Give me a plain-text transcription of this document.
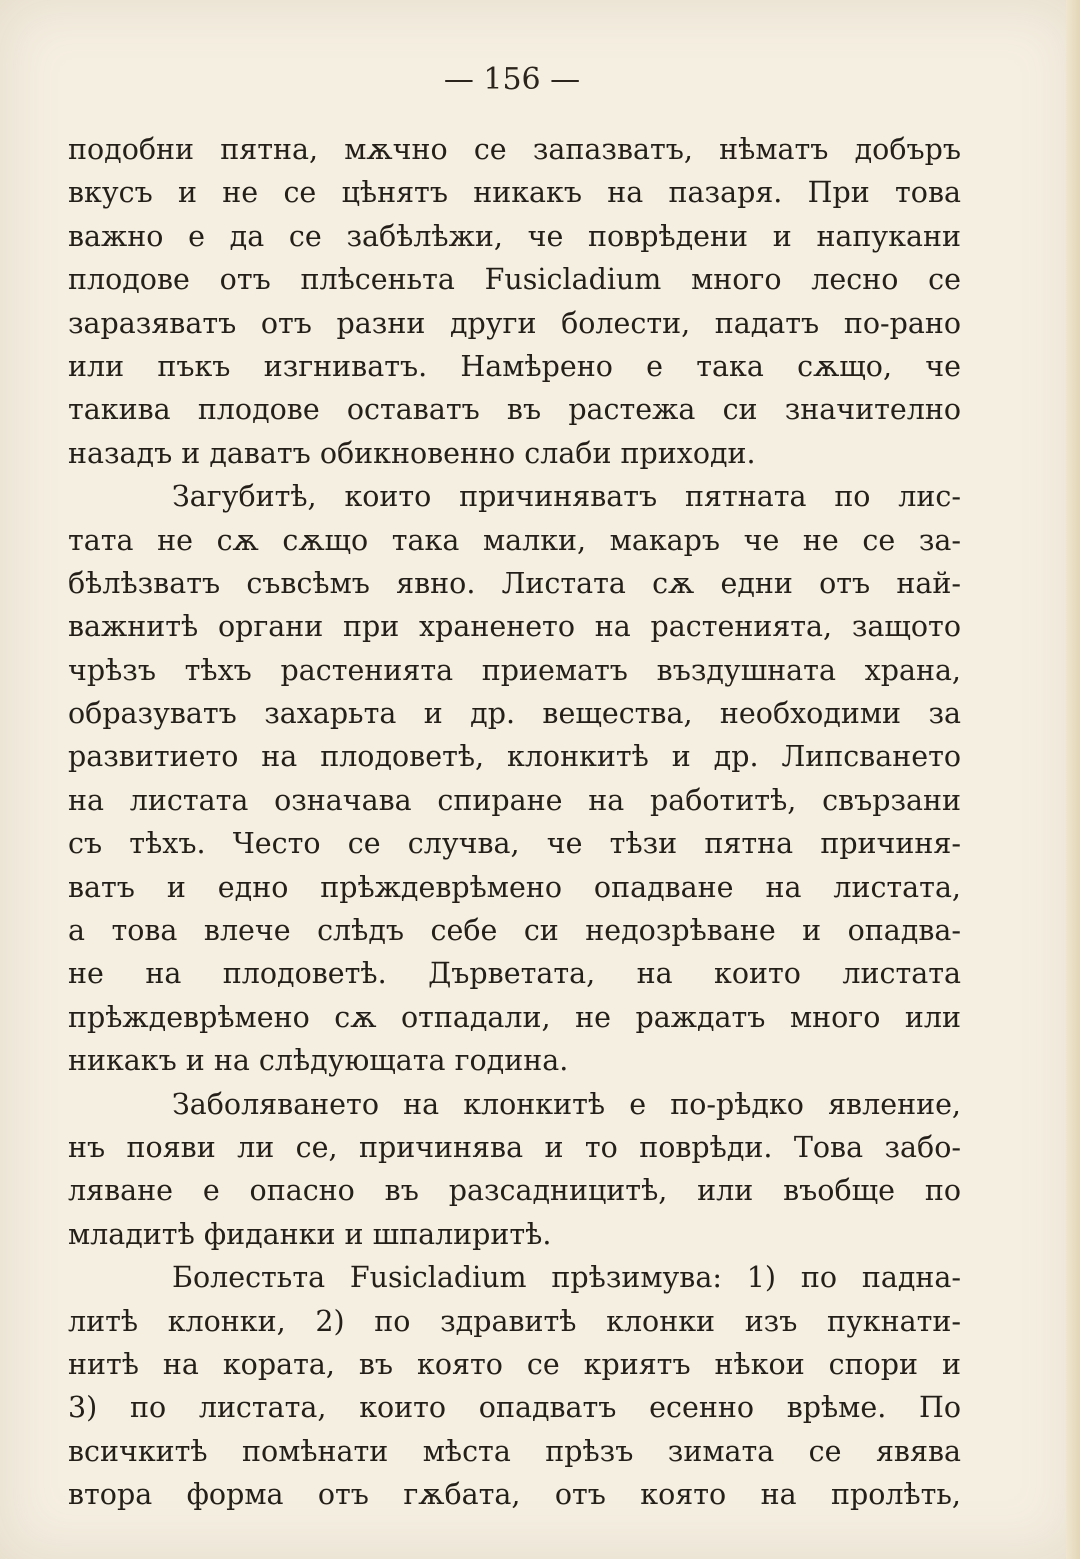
— 156 —
подобни пятна, мѫчно се запазватъ, нѣматъ добъръ
вкусъ и не се цѣнятъ никакъ на пазаря. При това
важно е да се забѣлѣжи, че поврѣдени и напукани
плодове отъ плѣсеньта Fusicladium много лесно се
заразяватъ отъ разни други болести, падатъ по-рано
или пъкъ изгниватъ. Намѣрено е така сѫщо, че
такива плодове оставатъ въ растежа си значително
назадъ и даватъ обикновенно слаби приходи.
Загубитѣ, които причиняватъ пятната по лис-
тата не сѫ сѫщо така малки, макаръ че не се за-
бѣлѣзватъ съвсѣмъ явно. Листата сѫ едни отъ най-
важнитѣ органи при храненето на растенията, защото
чрѣзъ тѣхъ растенията приематъ въздушната храна,
образуватъ захарьта и др. вещества, необходими за
развитието на плодоветѣ, клонкитѣ и др. Липсването
на листата означава спиране на работитѣ, свързани
съ тѣхъ. Често се случва, че тѣзи пятна причиня-
ватъ и едно прѣждеврѣмено опадване на листата,
а това влече слѣдъ себе си недозрѣване и опадва-
не на плодоветѣ. Дърветата, на които листата
прѣждеврѣмено сѫ отпадали, не раждатъ много или
никакъ и на слѣдующата година.
Заболяването на клонкитѣ е по-рѣдко явление,
нъ появи ли се, причинява и то поврѣди. Това забо-
ляване е опасно въ разсадницитѣ, или въобще по
младитѣ фиданки и шпалиритѣ.
Болестьта Fusicladium прѣзимува: 1) по падна-
литѣ клонки, 2) по здравитѣ клонки изъ пукнати-
нитѣ на кората, въ която се криятъ нѣкои спори и
3) по листата, които опадватъ есенно врѣме. По
всичкитѣ помѣнати мѣста прѣзъ зимата се явява
втора форма отъ гѫбата, отъ която на пролѣть,
